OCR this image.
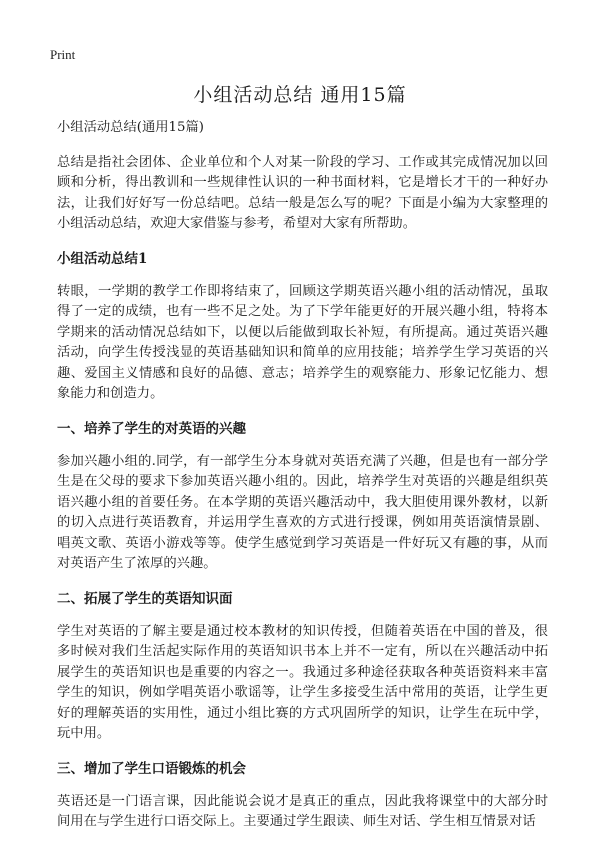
Print
小组活动总结 通用15篇

小组活动总结(通用15篇)

总结是指社会团体、企业单位和个人对某一阶段的学习、工作或其完成情况加以回顾和分析，得出教训和一些规律性认识的一种书面材料，它是增长才干的一种好办法，让我们好好写一份总结吧。总结一般是怎么写的呢？下面是小编为大家整理的小组活动总结，欢迎大家借鉴与参考，希望对大家有所帮助。

小组活动总结1

转眼，一学期的教学工作即将结束了，回顾这学期英语兴趣小组的活动情况，虽取得了一定的成绩，也有一些不足之处。为了下学年能更好的开展兴趣小组，特将本学期来的活动情况总结如下，以便以后能做到取长补短，有所提高。通过英语兴趣活动，向学生传授浅显的英语基础知识和简单的应用技能；培养学生学习英语的兴趣、爱国主义情感和良好的品德、意志；培养学生的观察能力、形象记忆能力、想象能力和创造力。

一、培养了学生的对英语的兴趣

参加兴趣小组的.同学，有一部学生分本身就对英语充满了兴趣，但是也有一部分学生是在父母的要求下参加英语兴趣小组的。因此，培养学生对英语的兴趣是组织英语兴趣小组的首要任务。在本学期的英语兴趣活动中，我大胆使用课外教材，以新的切入点进行英语教育，并运用学生喜欢的方式进行授课，例如用英语演情景剧、唱英文歌、英语小游戏等等。使学生感觉到学习英语是一件好玩又有趣的事，从而对英语产生了浓厚的兴趣。

二、拓展了学生的英语知识面

学生对英语的了解主要是通过校本教材的知识传授，但随着英语在中国的普及，很多时候对我们生活起实际作用的英语知识书本上并不一定有，所以在兴趣活动中拓展学生的英语知识也是重要的内容之一。我通过多种途径获取各种英语资料来丰富学生的知识，例如学唱英语小歌谣等，让学生多接受生活中常用的英语，让学生更好的理解英语的实用性，通过小组比赛的方式巩固所学的知识，让学生在玩中学，玩中用。

三、增加了学生口语锻炼的机会

英语还是一门语言课，因此能说会说才是真正的重点，因此我将课堂中的大部分时间用在与学生进行口语交际上。主要通过学生跟读、师生对话、学生相互情景对话
